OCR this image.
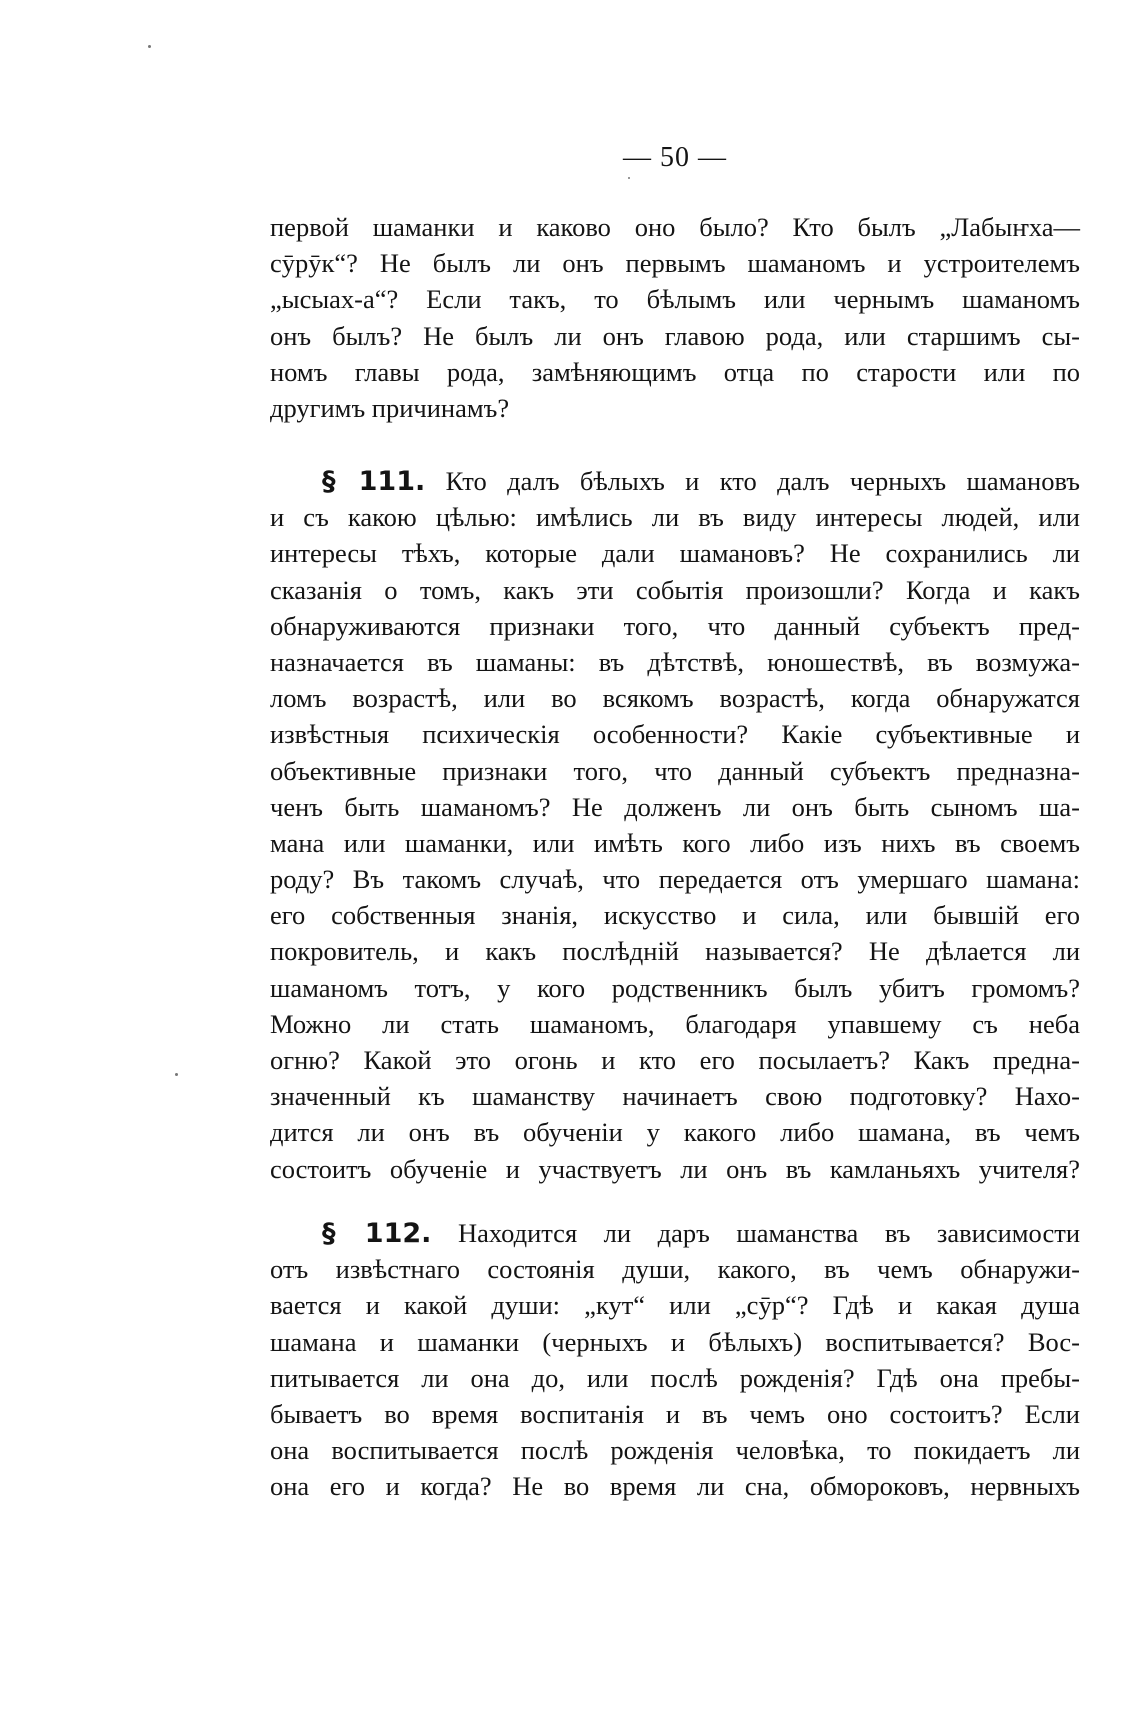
— 50 —
первой шаманки и каково оно было? Кто былъ „Лабыҥха—
сӯрӯк“? Не былъ ли онъ первымъ шаманомъ и устроителемъ
„ысыах-а“? Если такъ, то бѣлымъ или чернымъ шаманомъ
онъ былъ? Не былъ ли онъ главою рода, или старшимъ сы-
номъ главы рода, замѣняющимъ отца по старости или по
другимъ причинамъ?
§ 111. Кто далъ бѣлыхъ и кто далъ черныхъ шамановъ
и съ какою цѣлью: имѣлись ли въ виду интересы людей, или
интересы тѣхъ, которые дали шамановъ? Не сохранились ли
сказанія о томъ, какъ эти событія произошли? Когда и какъ
обнаруживаются признаки того, что данный субъектъ пред-
назначается въ шаманы: въ дѣтствѣ, юношествѣ, въ возмужа-
ломъ возрастѣ, или во всякомъ возрастѣ, когда обнаружатся
извѣстныя психическія особенности? Какіе субъективные и
объективные признаки того, что данный субъектъ предназна-
ченъ быть шаманомъ? Не долженъ ли онъ быть сыномъ ша-
мана или шаманки, или имѣть кого либо изъ нихъ въ своемъ
роду? Въ такомъ случаѣ, что передается отъ умершаго шамана:
его собственныя знанія, искусство и сила, или бывшій его
покровитель, и какъ послѣдній называется? Не дѣлается ли
шаманомъ тотъ, у кого родственникъ былъ убитъ громомъ?
Можно ли стать шаманомъ, благодаря упавшему съ неба
огню? Какой это огонь и кто его посылаетъ? Какъ предна-
значенный къ шаманству начинаетъ свою подготовку? Нахо-
дится ли онъ въ обученіи у какого либо шамана, въ чемъ
состоитъ обученіе и участвуетъ ли онъ въ камланьяхъ учителя?
§ 112. Находится ли даръ шаманства въ зависимости
отъ извѣстнаго состоянія души, какого, въ чемъ обнаружи-
вается и какой души: „кут“ или „сӯр“? Гдѣ и какая душа
шамана и шаманки (черныхъ и бѣлыхъ) воспитывается? Вос-
питывается ли она до, или послѣ рожденія? Гдѣ она пребы-
бываетъ во время воспитанія и въ чемъ оно состоитъ? Если
она воспитывается послѣ рожденія человѣка, то покидаетъ ли
она его и когда? Не во время ли сна, обмороковъ, нервныхъ
